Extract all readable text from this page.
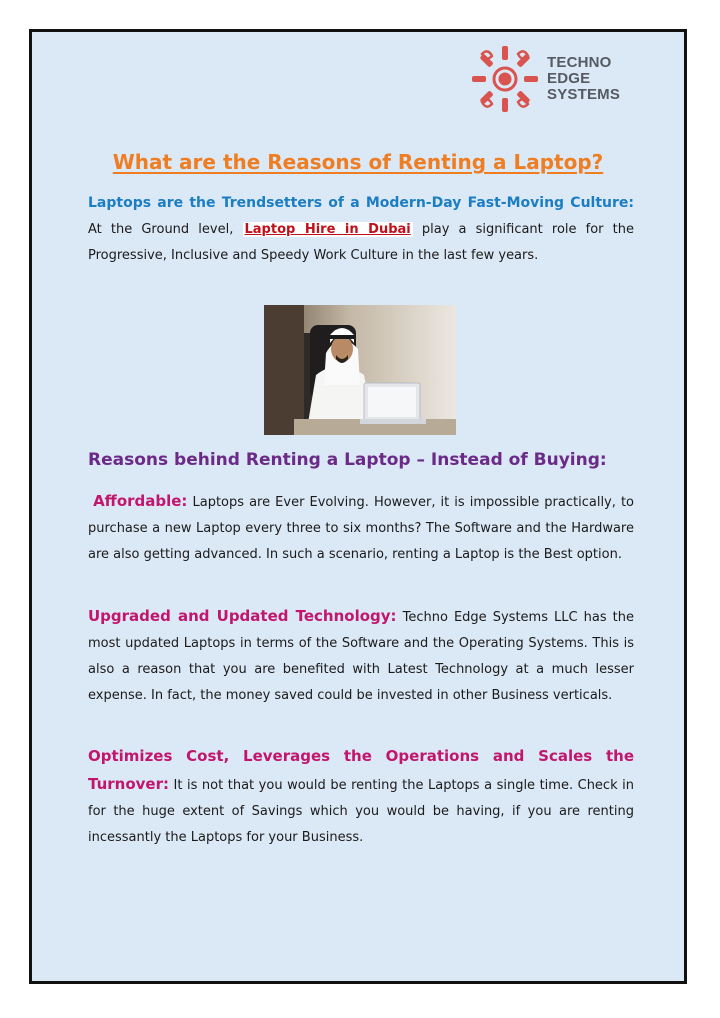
TECHNO
EDGE
SYSTEMS
What are the Reasons of Renting a Laptop?
Laptops are the Trendsetters of a Modern-Day Fast-Moving Culture: At the Ground level, Laptop Hire in Dubai play a significant role for the Progressive, Inclusive and Speedy Work Culture in the last few years.
Reasons behind Renting a Laptop – Instead of Buying:
Affordable: Laptops are Ever Evolving. However, it is impossible practically, to purchase a new Laptop every three to six months? The Software and the Hardware are also getting advanced. In such a scenario, renting a Laptop is the Best option.
Upgraded and Updated Technology: Techno Edge Systems LLC has the most updated Laptops in terms of the Software and the Operating Systems. This is also a reason that you are benefited with Latest Technology at a much lesser expense. In fact, the money saved could be invested in other Business verticals.
Optimizes Cost, Leverages the Operations and Scales the Turnover: It is not that you would be renting the Laptops a single time. Check in for the huge extent of Savings which you would be having, if you are renting incessantly the Laptops for your Business.
